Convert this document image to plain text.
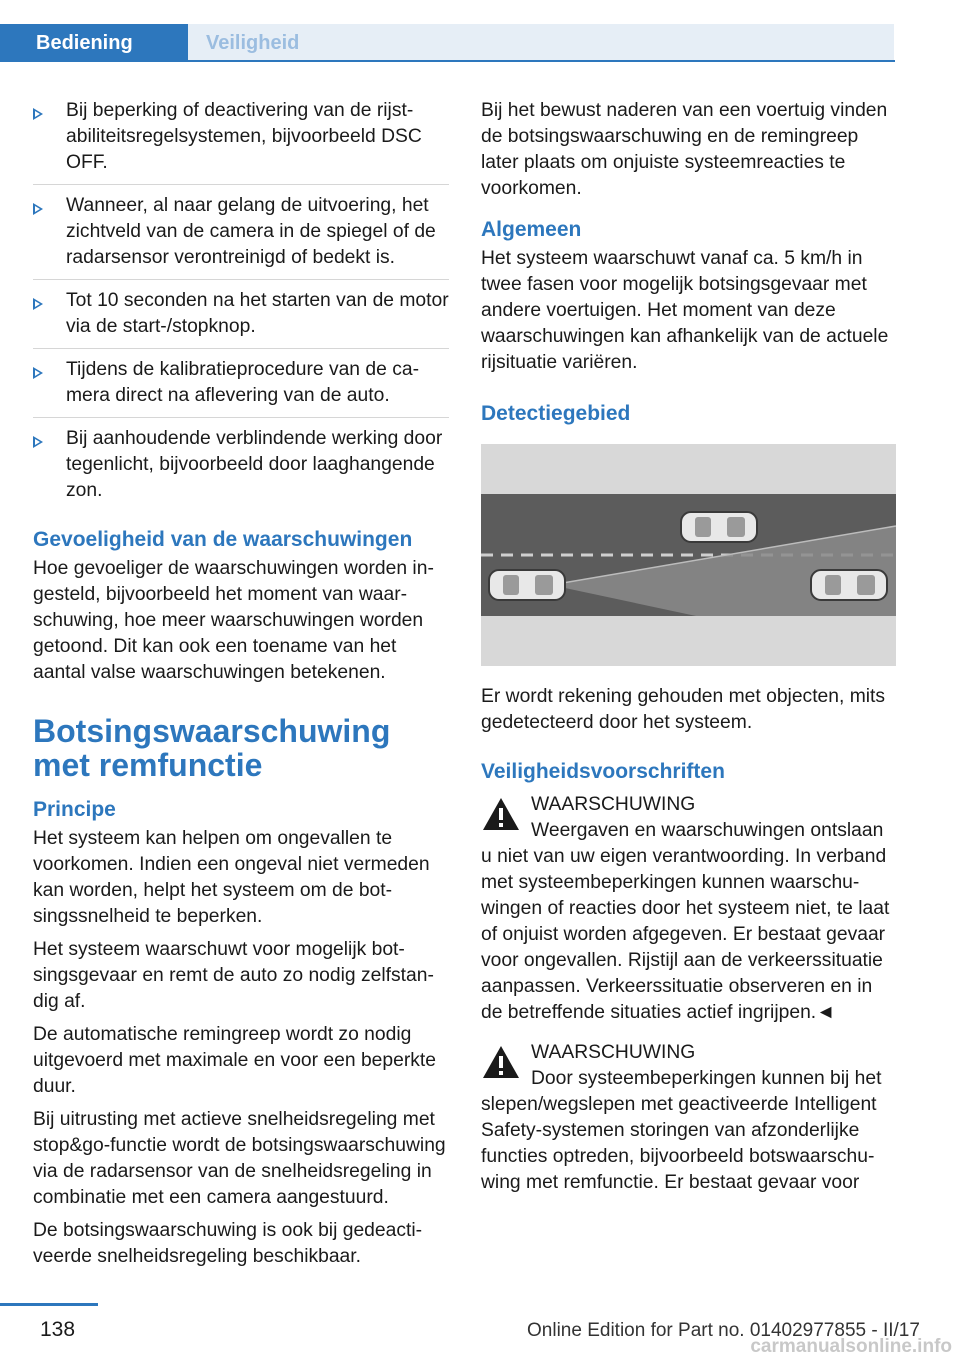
Bediening	Veiligheid
Bij beperking of deactivering van de rijstabiliteitsregelsystemen, bijvoorbeeld DSC OFF.
Wanneer, al naar gelang de uitvoering, het zichtveld van de camera in de spiegel of de radarsensor verontreinigd of bedekt is.
Tot 10 seconden na het starten van de motor via de start-/stopknop.
Tijdens de kalibratieprocedure van de camera direct na aflevering van de auto.
Bij aanhoudende verblindende werking door tegenlicht, bijvoorbeeld door laaghangende zon.
Gevoeligheid van de waarschuwingen

Hoe gevoeliger de waarschuwingen worden ingesteld, bijvoorbeeld het moment van waarschuwing, hoe meer waarschuwingen worden getoond. Dit kan ook een toename van het aantal valse waarschuwingen betekenen.

Botsingswaarschuwing met remfunctie
Principe

Het systeem kan helpen om ongevallen te voorkomen. Indien een ongeval niet vermeden kan worden, helpt het systeem om de botsingssnelheid te beperken.

Het systeem waarschuwt voor mogelijk botsingsgevaar en remt de auto zo nodig zelfstandig af.

De automatische remingreep wordt zo nodig uitgevoerd met maximale en voor een beperkte duur.

Bij uitrusting met actieve snelheidsregeling met stop&go-functie wordt de botsingswaarschuwing via de radarsensor van de snelheidsregeling in combinatie met een camera aangestuurd.

De botsingswaarschuwing is ook bij gedeactiveerde snelheidsregeling beschikbaar.

Bij het bewust naderen van een voertuig vinden de botsingswaarschuwing en de remingreep later plaats om onjuiste systeemreacties te voorkomen.

Algemeen

Het systeem waarschuwt vanaf ca. 5 km/h in twee fasen voor mogelijk botsingsgevaar met andere voertuigen. Het moment van deze waarschuwingen kan afhankelijk van de actuele rijsituatie variëren.

Detectiegebied

Er wordt rekening gehouden met objecten, mits gedetecteerd door het systeem.

Veiligheidsvoorschriften
WAARSCHUWING
Weergaven en waarschuwingen ontslaan

u niet van uw eigen verantwoording. In verband met systeembeperkingen kunnen waarschuwingen of reacties door het systeem niet, te laat of onjuist worden afgegeven. Er bestaat gevaar voor ongevallen. Rijstijl aan de verkeerssituatie aanpassen. Verkeerssituatie observeren en in de betreffende situaties actief ingrijpen.◄

WAARSCHUWING
Door systeembeperkingen kunnen bij het

slepen/wegslepen met geactiveerde Intelligent Safety-systemen storingen van afzonderlijke functies optreden, bijvoorbeeld botswaarschuwing met remfunctie. Er bestaat gevaar voor

138	Online Edition for Part no. 01402977855 - II/17
carmanualsonline.info
